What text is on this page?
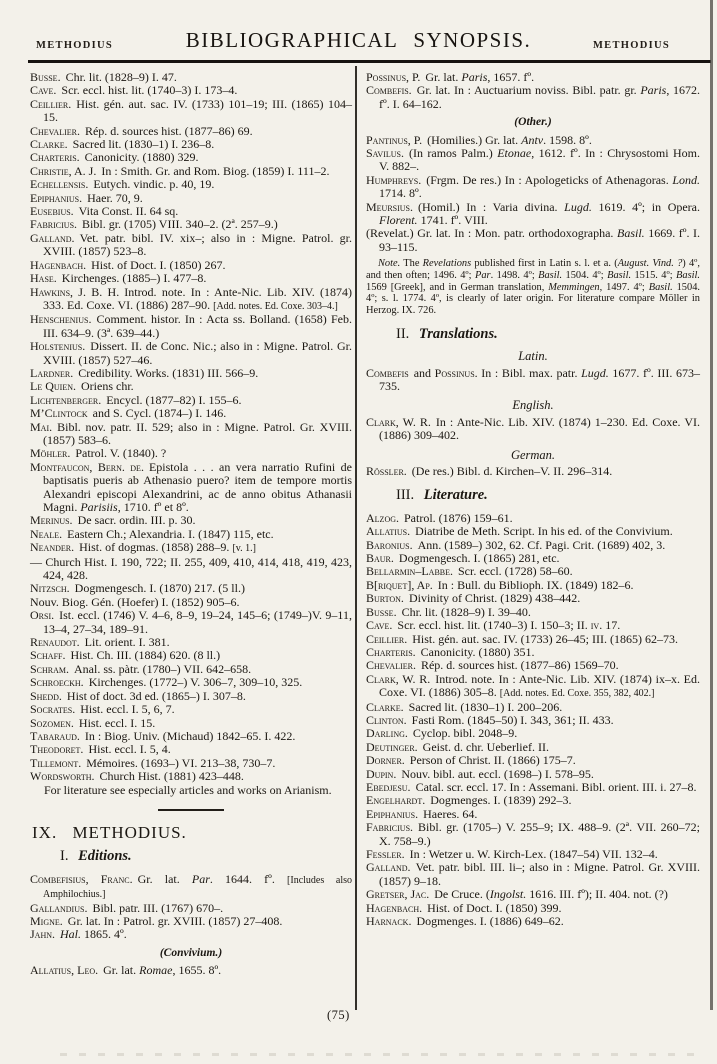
METHODIUS	BIBLIOGRAPHICAL SYNOPSIS.	METHODIUS
Busse. Chr. lit. (1828–9) I. 47.
Cave. Scr. eccl. hist. lit. (1740–3) I. 173–4.
Ceillier. Hist. gén. aut. sac. IV. (1733) 101–19; III. (1865) 104–15.
Chevalier. Rép. d. sources hist. (1877–86) 69.
Clarke. Sacred lit. (1830–1) I. 236–8.
Charteris. Canonicity. (1880) 329.
Christie, A. J. In : Smith. Gr. and Rom. Biog. (1859) I. 111–2.
Echellensis. Eutych. vindic. p. 40, 19.
Epiphanius. Haer. 70, 9.
Eusebius. Vita Const. II. 64 sq.
Fabricius. Bibl. gr. (1705) VIII. 340–2. (2ª. 257–9.)
Galland. Vet. patr. bibl. IV. xix–; also in : Migne. Patrol. gr. XVIII. (1857) 523–8.
Hagenbach. Hist. of Doct. I. (1850) 267.
Hase. Kirchenges. (1885–) I. 477–8.
Hawkins, J. B. H. Introd. note. In : Ante-Nic. Lib. XIV. (1874) 333. Ed. Coxe. VI. (1886) 287–90. [Add. notes. Ed. Coxe. 303–4.]
Henschenius. Comment. histor. In : Acta ss. Bolland. (1658) Feb. III. 634–9. (3ª. 639–44.)
Holstenius. Dissert. II. de Conc. Nic.; also in : Migne. Patrol. Gr. XVIII. (1857) 527–46.
Lardner. Credibility. Works. (1831) III. 566–9.
Le Quien. Oriens chr.
Lichtenberger. Encycl. (1877–82) I. 155–6.
M’Clintock and S. Cycl. (1874–) I. 146.
Mai. Bibl. nov. patr. II. 529; also in : Migne. Patrol. Gr. XVIII. (1857) 583–6.
Möhler. Patrol. V. (1840). ?
Montfaucon, Bern. de. Epistola . . . an vera narratio Rufini de baptisatis pueris ab Athenasio puero? item de tempore mortis Alexandri episcopi Alexandrini, ac de anno obitus Athanasii Magni. Parisiis, 1710. fº et 8º.
Merinus. De sacr. ordin. III. p. 30.
Neale. Eastern Ch.; Alexandria. I. (1847) 115, etc.
Neander. Hist. of dogmas. (1858) 288–9. [v. 1.]
— Church Hist. I. 190, 722; II. 255, 409, 410, 414, 418, 419, 423, 424, 428.
Nitzsch. Dogmengesch. I. (1870) 217. (5 ll.)
Nouv. Biog. Gén. (Hoefer) I. (1852) 905–6.
Orsi. Ist. eccl. (1746) V. 4–6, 8–9, 19–24, 145–6; (1749–)V. 9–11, 13–4, 27–34, 189–91.
Renaudot. Lit. orient. I. 381.
Schaff. Hist. Ch. III. (1884) 620. (8 ll.)
Schram. Anal. ss. pàtr. (1780–) VII. 642–658.
Schroeckh. Kirchenges. (1772–) V. 306–7, 309–10, 325.
Shedd. Hist of doct. 3d ed. (1865–) I. 307–8.
Socrates. Hist. eccl. I. 5, 6, 7.
Sozomen. Hist. eccl. I. 15.
Tabaraud. In : Biog. Univ. (Michaud) 1842–65. I. 422.
Theodoret. Hist. eccl. I. 5, 4.
Tillemont. Mémoires. (1693–) VI. 213–38, 730–7.
Wordsworth. Church Hist. (1881) 423–448.
For literature see especially articles and works on Arianism.
IX. METHODIUS.
I. Editions.
Combefisius, Franc. Gr. lat. Par. 1644. fº. [Includes also Amphilochius.]
Gallandius. Bibl. patr. III. (1767) 670–.
Migne. Gr. lat. In : Patrol. gr. XVIII. (1857) 27–408.
Jahn. Hal. 1865. 4º.
(Convivium.)
Allatius, Leo. Gr. lat. Romae, 1655. 8º.
Possinus, P. Gr. lat. Paris, 1657. fº.
Combefis. Gr. lat. In : Auctuarium noviss. Bibl. patr. gr. Paris, 1672. fº. I. 64–162.
(Other.)
Pantinus, P. (Homilies.) Gr. lat. Antv. 1598. 8º.
Savilus. (In ramos Palm.) Etonae, 1612. fº. In : Chrysostomi Hom. V. 882–.
Humphreys. (Frgm. De res.) In : Apologeticks of Athenagoras. Lond. 1714. 8º.
Meursius. (Homil.) In : Varia divina. Lugd. 1619. 4º; in Opera. Florent. 1741. fº. VIII.
(Revelat.) Gr. lat. In : Mon. patr. orthodoxographa. Basil. 1669. fº. I. 93–115.
Note. The Revelations published first in Latin s. l. et a. (August. Vind. ?) 4º, and then often; 1496. 4º; Par. 1498. 4º; Basil. 1504. 4º; Basil. 1515. 4º; Basil. 1569 [Greek], and in German translation, Memmingen, 1497. 4º; Basil. 1504. 4º; s. l. 1774. 4º, is clearly of later origin. For literature compare Möller in Herzog. IX. 726.
II. Translations.
Latin.
Combefis and Possinus. In : Bibl. max. patr. Lugd. 1677. fº. III. 673–735.
English.
Clark, W. R. In : Ante-Nic. Lib. XIV. (1874) 1–230. Ed. Coxe. VI. (1886) 309–402.
German.
Rössler. (De res.) Bibl. d. Kirchen–V. II. 296–314.
III. Literature.
Alzog. Patrol. (1876) 159–61.
Allatius. Diatribe de Meth. Script. In his ed. of the Convivium.
Baronius. Ann. (1589–) 302, 62. Cf. Pagi. Crit. (1689) 402, 3.
Baur. Dogmengesch. I. (1865) 281, etc.
Bellarmin–Labbe. Scr. eccl. (1728) 58–60.
B[riquet], Ap. In : Bull. du Biblioph. IX. (1849) 182–6.
Burton. Divinity of Christ. (1829) 438–442.
Busse. Chr. lit. (1828–9) I. 39–40.
Cave. Scr. eccl. hist. lit. (1740–3) I. 150–3; II. iv. 17.
Ceillier. Hist. gén. aut. sac. IV. (1733) 26–45; III. (1865) 62–73.
Charteris. Canonicity. (1880) 351.
Chevalier. Rép. d. sources hist. (1877–86) 1569–70.
Clark, W. R. Introd. note. In : Ante-Nic. Lib. XIV. (1874) ix–x. Ed. Coxe. VI. (1886) 305–8. [Add. notes. Ed. Coxe. 355, 382, 402.]
Clarke. Sacred lit. (1830–1) I. 200–206.
Clinton. Fasti Rom. (1845–50) I. 343, 361; II. 433.
Darling. Cyclop. bibl. 2048–9.
Deutinger. Geist. d. chr. Ueberlief. II.
Dorner. Person of Christ. II. (1866) 175–7.
Dupin. Nouv. bibl. aut. eccl. (1698–) I. 578–95.
Ebedjesu. Catal. scr. eccl. 17. In : Assemani. Bibl. orient. III. i. 27–8.
Engelhardt. Dogmenges. I. (1839) 292–3.
Epiphanius. Haeres. 64.
Fabricius. Bibl. gr. (1705–) V. 255–9; IX. 488–9. (2ª. VII. 260–72; X. 758–9.)
Fessler. In : Wetzer u. W. Kirch-Lex. (1847–54) VII. 132–4.
Galland. Vet. patr. bibl. III. li–; also in : Migne. Patrol. Gr. XVIII. (1857) 9–18.
Gretser, Jac. De Cruce. (Ingolst. 1616. III. fº); II. 404. not. (?)
Hagenbach. Hist. of Doct. I. (1850) 399.
Harnack. Dogmenges. I. (1886) 649–62.
(75)
